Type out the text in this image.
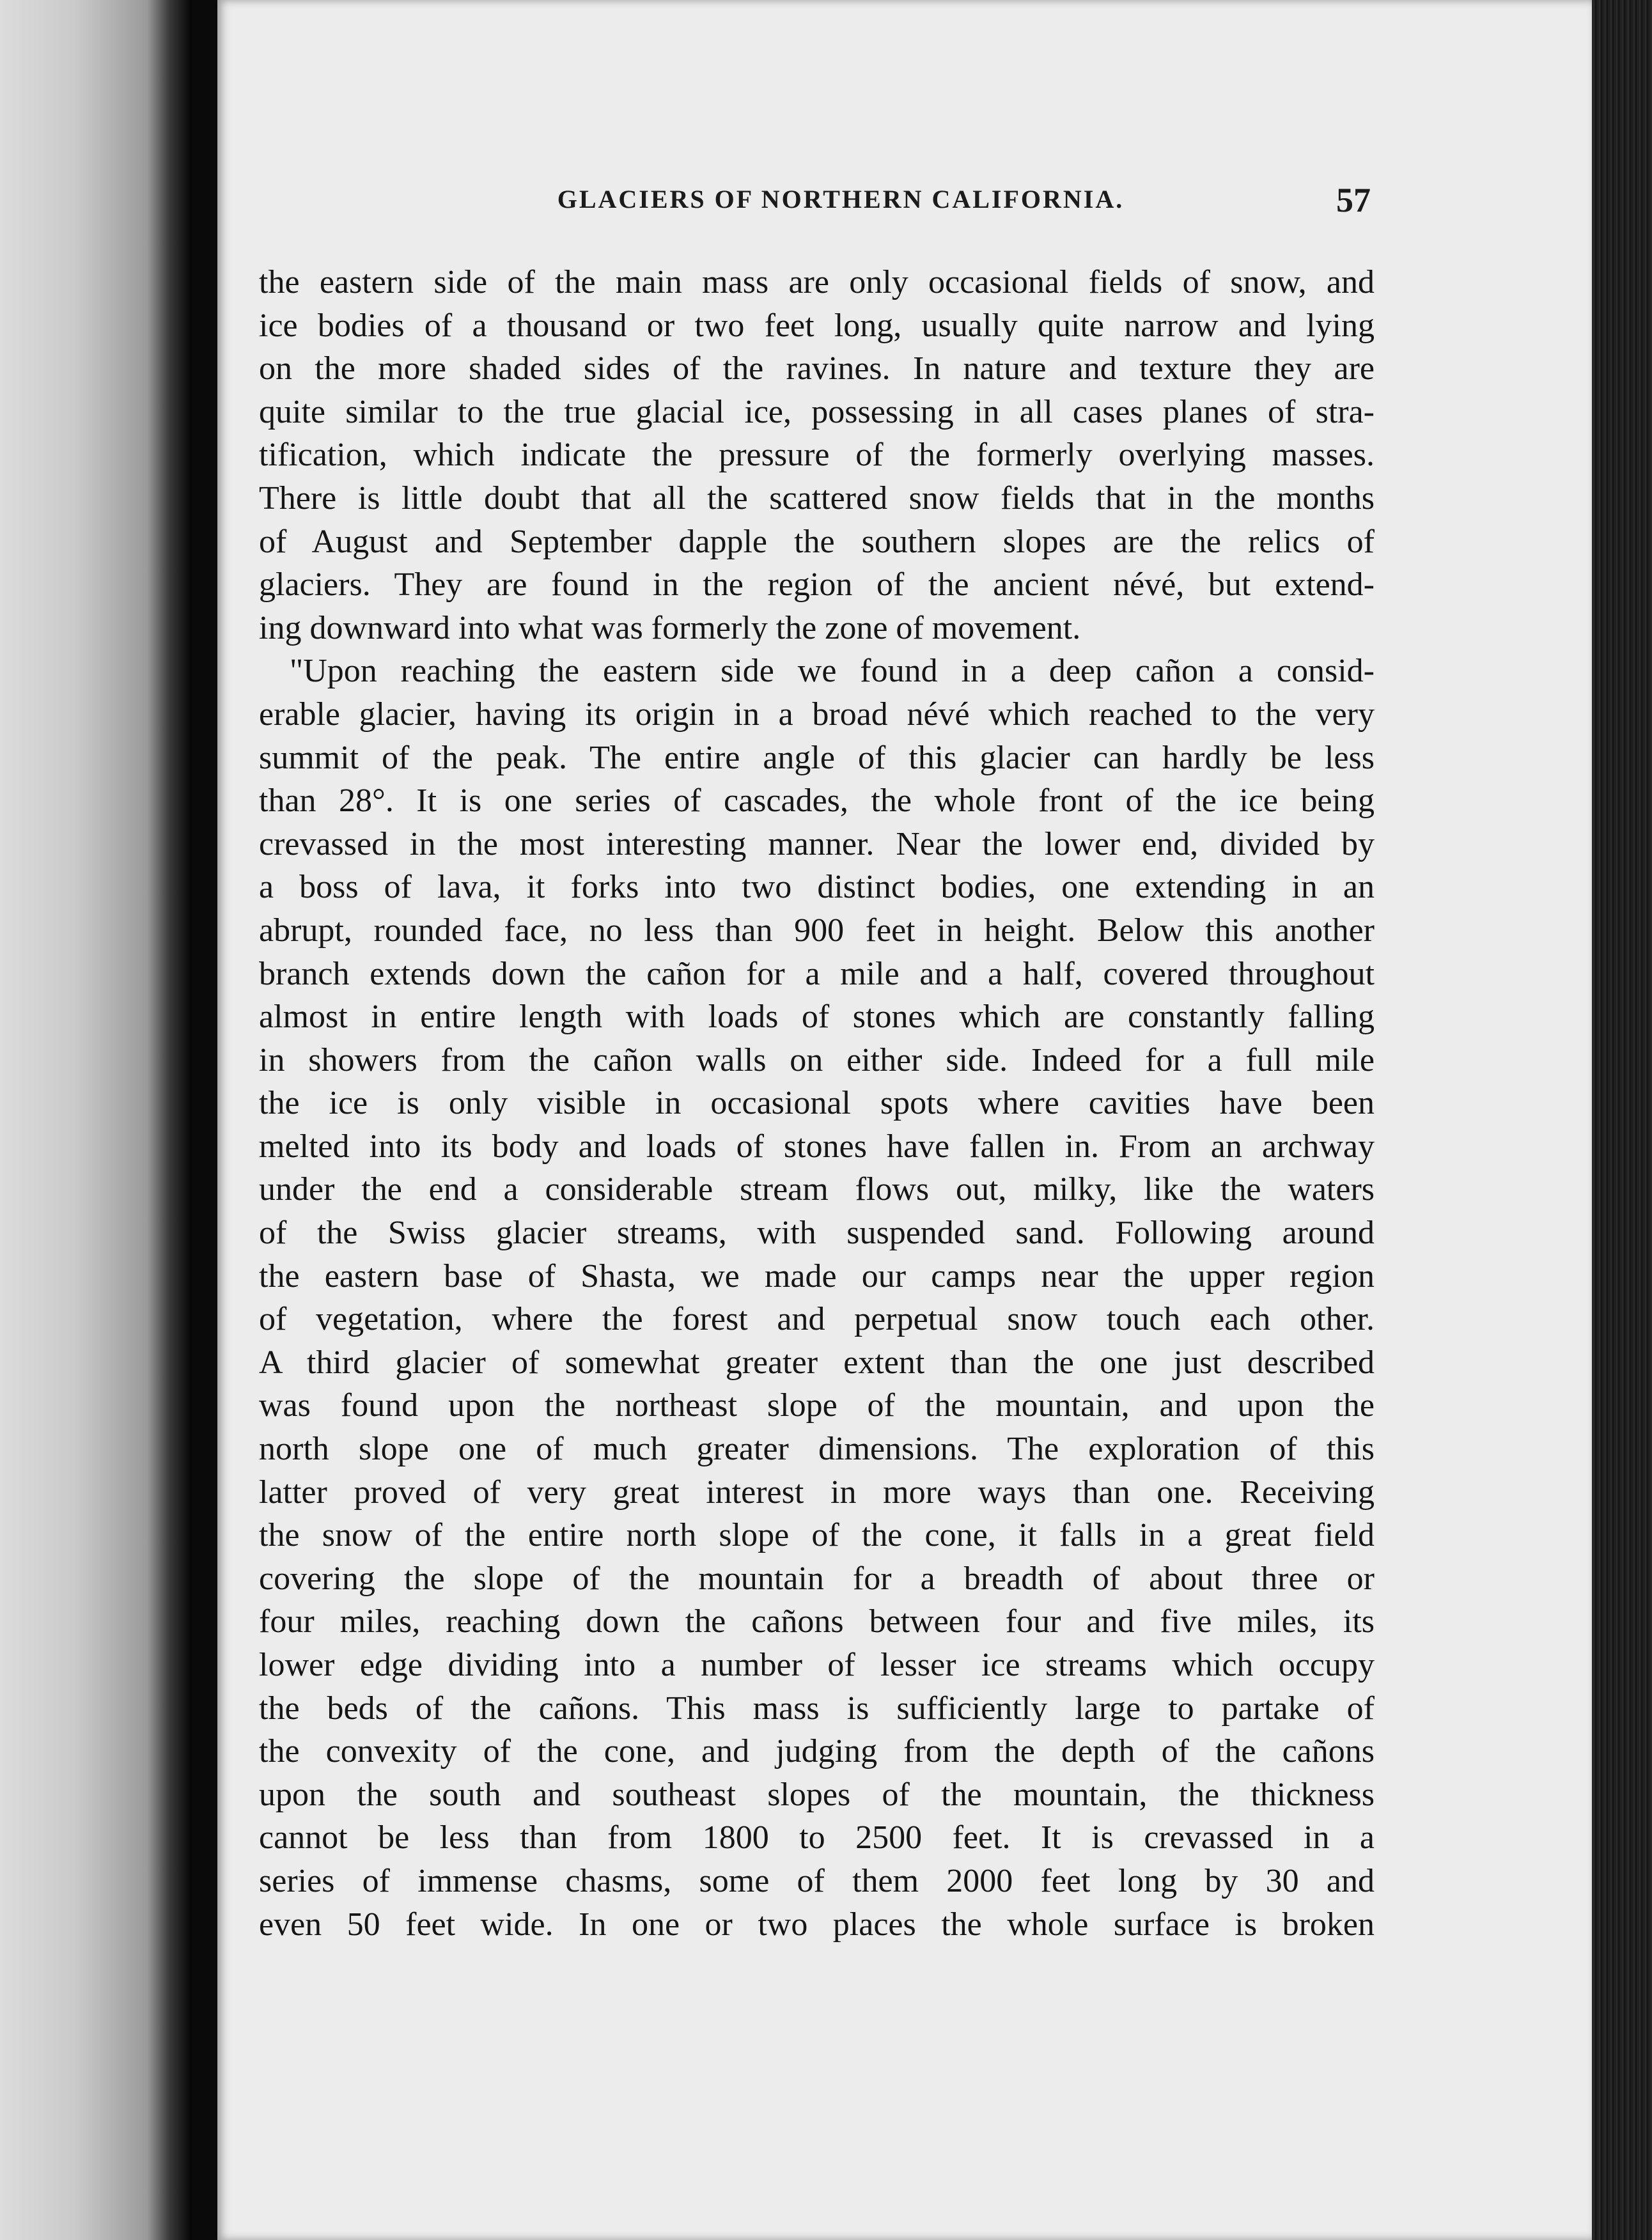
GLACIERS OF NORTHERN CALIFORNIA.	57
the eastern side of the main mass are only occasional fields of snow, and
ice bodies of a thousand or two feet long, usually quite narrow and lying
on the more shaded sides of the ravines. In nature and texture they are
quite similar to the true glacial ice, possessing in all cases planes of stra-
tification, which indicate the pressure of the formerly overlying masses.
There is little doubt that all the scattered snow fields that in the months
of August and September dapple the southern slopes are the relics of
glaciers. They are found in the region of the ancient névé, but extend-
ing downward into what was formerly the zone of movement.
"Upon reaching the eastern side we found in a deep cañon a consid-
erable glacier, having its origin in a broad névé which reached to the very
summit of the peak. The entire angle of this glacier can hardly be less
than 28°. It is one series of cascades, the whole front of the ice being
crevassed in the most interesting manner. Near the lower end, divided by
a boss of lava, it forks into two distinct bodies, one extending in an
abrupt, rounded face, no less than 900 feet in height. Below this another
branch extends down the cañon for a mile and a half, covered throughout
almost in entire length with loads of stones which are constantly falling
in showers from the cañon walls on either side. Indeed for a full mile
the ice is only visible in occasional spots where cavities have been
melted into its body and loads of stones have fallen in. From an archway
under the end a considerable stream flows out, milky, like the waters
of the Swiss glacier streams, with suspended sand. Following around
the eastern base of Shasta, we made our camps near the upper region
of vegetation, where the forest and perpetual snow touch each other.
A third glacier of somewhat greater extent than the one just described
was found upon the northeast slope of the mountain, and upon the
north slope one of much greater dimensions. The exploration of this
latter proved of very great interest in more ways than one. Receiving
the snow of the entire north slope of the cone, it falls in a great field
covering the slope of the mountain for a breadth of about three or
four miles, reaching down the cañons between four and five miles, its
lower edge dividing into a number of lesser ice streams which occupy
the beds of the cañons. This mass is sufficiently large to partake of
the convexity of the cone, and judging from the depth of the cañons
upon the south and southeast slopes of the mountain, the thickness
cannot be less than from 1800 to 2500 feet. It is crevassed in a
series of immense chasms, some of them 2000 feet long by 30 and
even 50 feet wide. In one or two places the whole surface is broken
